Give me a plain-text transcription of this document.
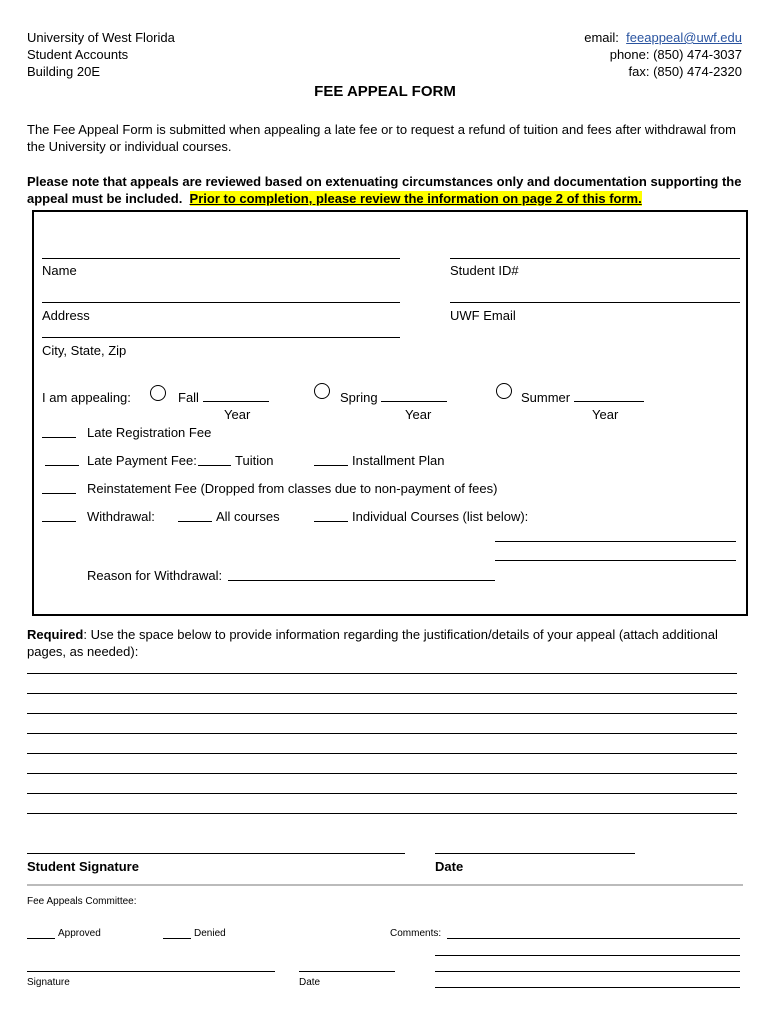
University of West Florida
Student Accounts
Building 20E
email: feeappeal@uwf.edu
phone: (850) 474-3037
fax: (850) 474-2320
FEE APPEAL FORM
The Fee Appeal Form is submitted when appealing a late fee or to request a refund of tuition and fees after withdrawal from the University or individual courses.
Please note that appeals are reviewed based on extenuating circumstances only and documentation supporting the appeal must be included. Prior to completion, please review the information on page 2 of this form.
Name	Student ID#
Address	UWF Email
City, State, Zip
I am appealing:	Fall
Year
Spring
Year
Summer
Year
Late Registration Fee
Late Payment Fee:	Tuition	Installment Plan
Reinstatement Fee (Dropped from classes due to non-payment of fees)
Withdrawal:	All courses	Individual Courses (list below):
Reason for Withdrawal:
Required: Use the space below to provide information regarding the justification/details of your appeal (attach additional pages, as needed):
Student Signature	Date
Fee Appeals Committee:
Approved	Denied	Comments:
Signature	Date
